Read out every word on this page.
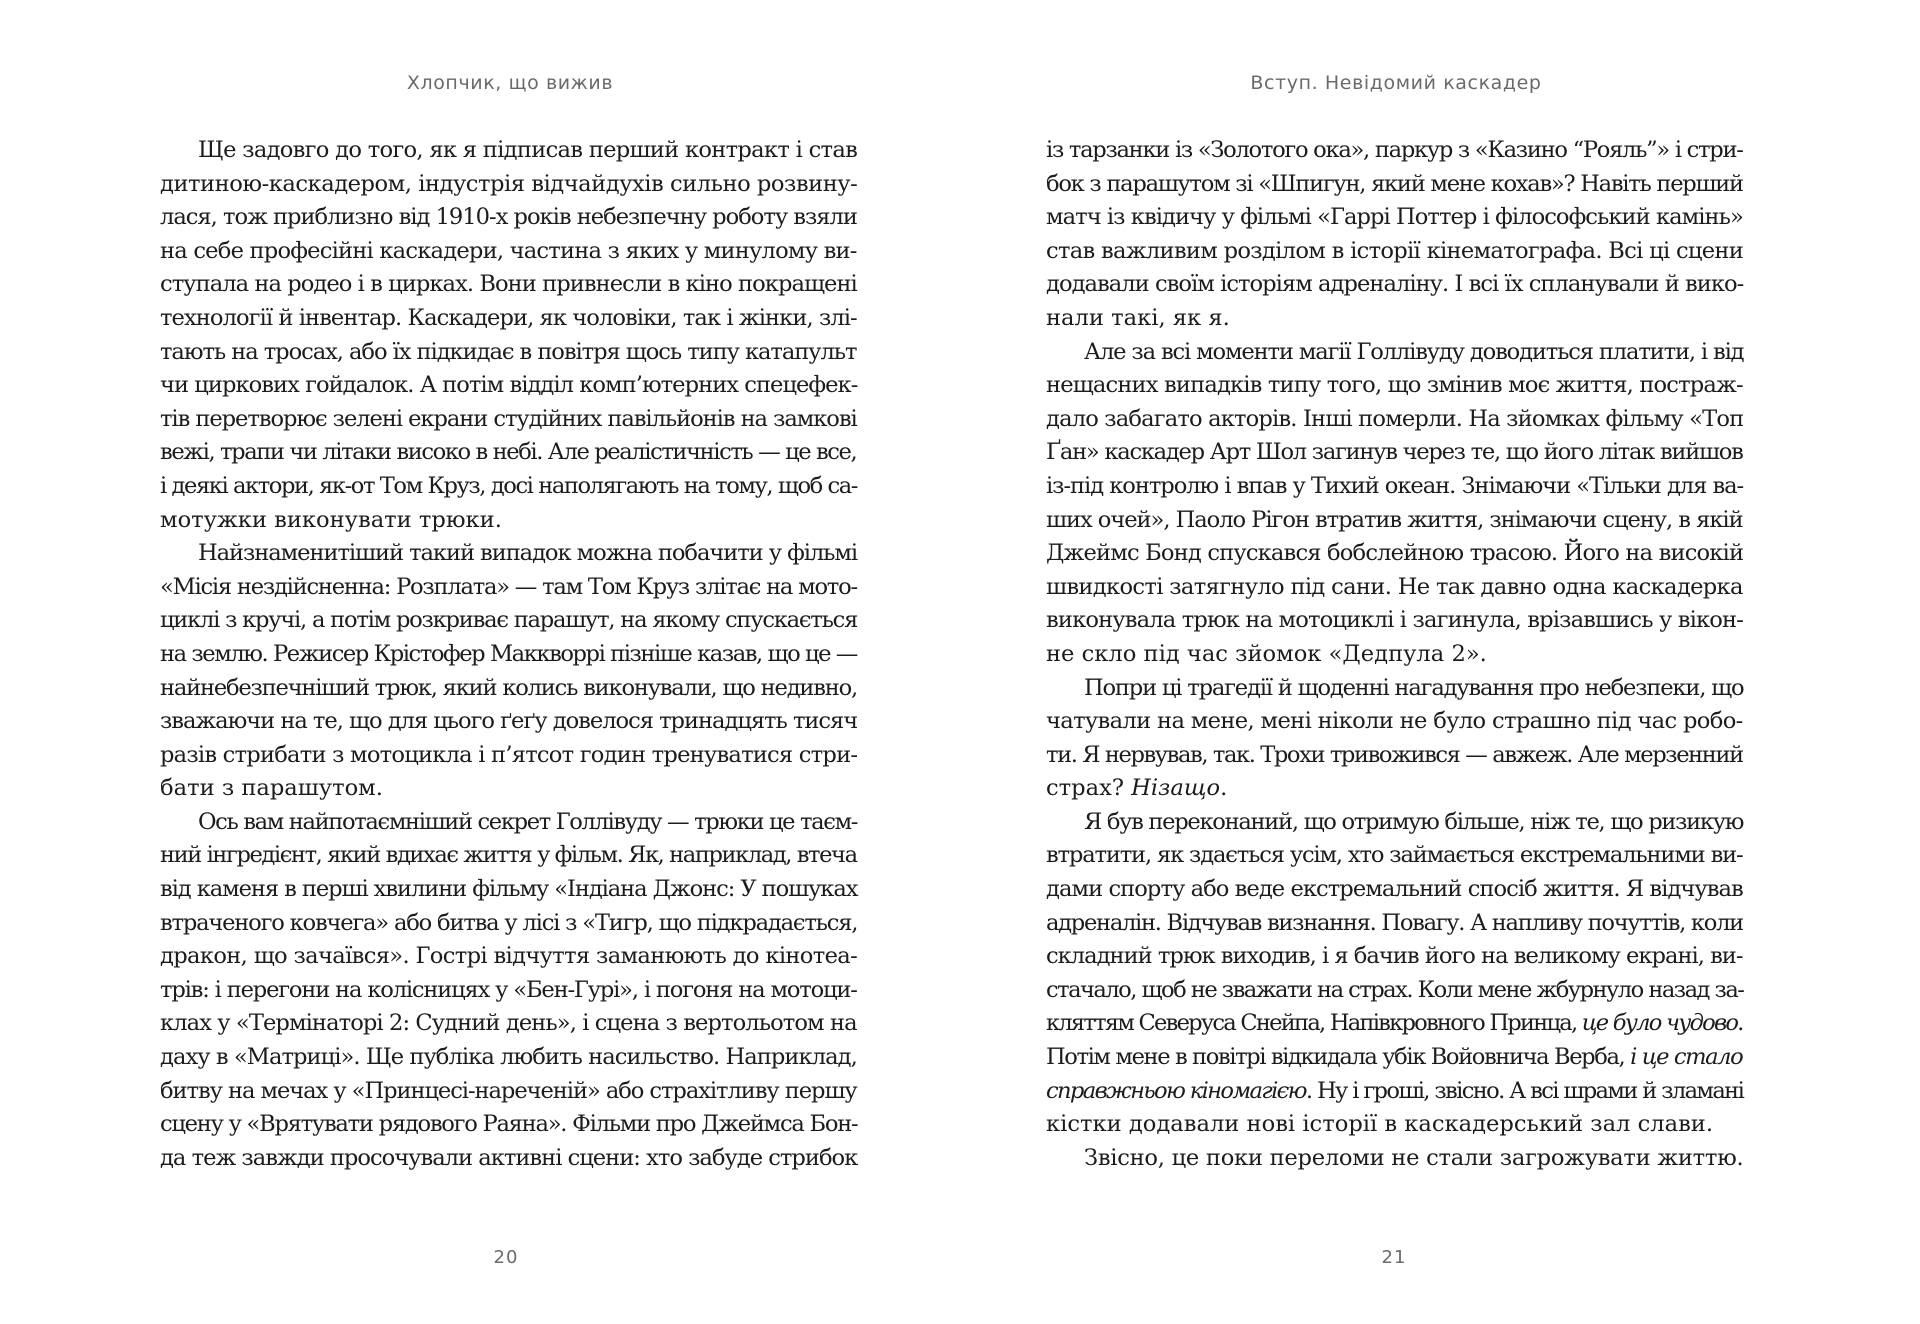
Хлопчик, що вижив
Ще задовго до того, як я підписав перший контракт і став
дитиною-каскадером, індустрія відчайдухів сильно розвину-
лася, тож приблизно від 1910-х років небезпечну роботу взяли
на себе професійні каскадери, частина з яких у минулому ви-
ступала на родео і в цирках. Вони привнесли в кіно покращені
технології й інвентар. Каскадери, як чоловіки, так і жінки, злі-
тають на тросах, або їх підкидає в повітря щось типу катапульт
чи циркових гойдалок. А потім відділ комп’ютерних спецефек-
тів перетворює зелені екрани студійних павільйонів на замкові
вежі, трапи чи літаки високо в небі. Але реалістичність — це все,
і деякі актори, як-от Том Круз, досі наполягають на тому, щоб са-
мотужки виконувати трюки.
Найзнаменитіший такий випадок можна побачити у фільмі
«Місія нездійсненна: Розплата» — там Том Круз злітає на мото-
циклі з кручі, а потім розкриває парашут, на якому спускається
на землю. Режисер Крістофер Маккворрі пізніше казав, що це —
найнебезпечніший трюк, який колись виконували, що недивно,
зважаючи на те, що для цього ґеґу довелося тринадцять тисяч
разів стрибати з мотоцикла і п’ятсот годин тренуватися стри-
бати з парашутом.
Ось вам найпотаємніший секрет Голлівуду — трюки це таєм-
ний інгредієнт, який вдихає життя у фільм. Як, наприклад, втеча
від каменя в перші хвилини фільму «Індіана Джонс: У пошуках
втраченого ковчега» або битва у лісі з «Тигр, що підкрадається,
дракон, що зачаївся». Гострі відчуття заманюють до кінотеа-
трів: і перегони на колісницях у «Бен-Гурі», і погоня на мотоци-
клах у «Термінаторі 2: Судний день», і сцена з вертольотом на
даху в «Матриці». Ще публіка любить насильство. Наприклад,
битву на мечах у «Принцесі-нареченій» або страхітливу першу
сцену у «Врятувати рядового Раяна». Фільми про Джеймса Бон-
да теж завжди просочували активні сцени: хто забуде стрибок
20
Вступ. Невідомий каскадер
із тарзанки із «Золотого ока», паркур з «Казино “Рояль”» і стри-
бок з парашутом зі «Шпигун, який мене кохав»? Навіть перший
матч із квідичу у фільмі «Гаррі Поттер і філософський камінь»
став важливим розділом в історії кінематографа. Всі ці сцени
додавали своїм історіям адреналіну. І всі їх спланували й вико-
нали такі, як я.
Але за всі моменти магії Голлівуду доводиться платити, і від
нещасних випадків типу того, що змінив моє життя, постраж-
дало забагато акторів. Інші померли. На зйомках фільму «Топ
Ґан» каскадер Арт Шол загинув через те, що його літак вийшов
із-під контролю і впав у Тихий океан. Знімаючи «Тільки для ва-
ших очей», Паоло Рігон втратив життя, знімаючи сцену, в якій
Джеймс Бонд спускався бобслейною трасою. Його на високій
швидкості затягнуло під сани. Не так давно одна каскадерка
виконувала трюк на мотоциклі і загинула, врізавшись у вікон-
не скло під час зйомок «Дедпула 2».
Попри ці трагедії й щоденні нагадування про небезпеки, що
чатували на мене, мені ніколи не було страшно під час робо-
ти. Я нервував, так. Трохи тривожився — авжеж. Але мерзенний
страх? Нізащо.
Я був переконаний, що отримую більше, ніж те, що ризикую
втратити, як здається усім, хто займається екстремальними ви-
дами спорту або веде екстремальний спосіб життя. Я відчував
адреналін. Відчував визнання. Повагу. А напливу почуттів, коли
складний трюк виходив, і я бачив його на великому екрані, ви-
стачало, щоб не зважати на страх. Коли мене жбурнуло назад за-
кляттям Северуса Снейпа, Напівкровного Принца, це було чудово.
Потім мене в повітрі відкидала убік Войовнича Верба, і це стало
справжньою кіномагією. Ну і гроші, звісно. А всі шрами й зламані
кістки додавали нові історії в каскадерський зал слави.
Звісно, це поки переломи не стали загрожувати життю.
21
